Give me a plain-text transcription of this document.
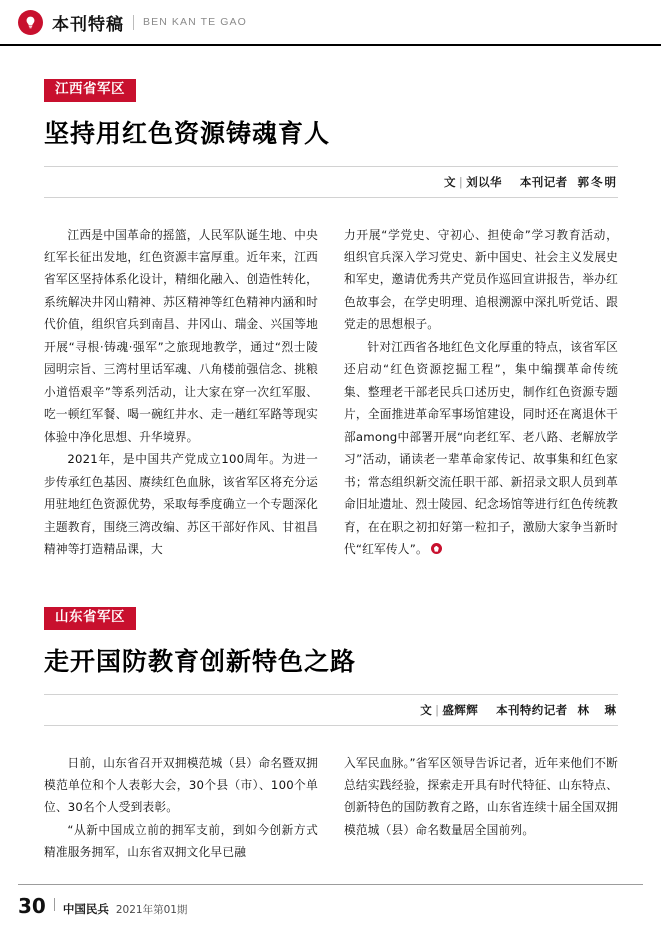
本刊特稿 BEN KAN TE GAO
江西省军区
坚持用红色资源铸魂育人
文 | 刘以华 本刊记者 郭冬明

江西是中国革命的摇篮，人民军队诞生地、中央红军长征出发地，红色资源丰富厚重。近年来，江西省军区坚持体系化设计，精细化融入、创造性转化，系统解决井冈山精神、苏区精神等红色精神内涵和时代价值，组织官兵到南昌、井冈山、瑞金、兴国等地开展“寻根·铸魂·强军”之旅现地教学，通过“烈士陵园明宗旨、三湾村里话军魂、八角楼前强信念、挑粮小道悟艰辛”等系列活动，让大家在穿一次红军服、吃一顿红军餐、喝一碗红井水、走一趟红军路等现实体验中净化思想、升华境界。

2021年，是中国共产党成立100周年。为进一步传承红色基因、赓续红色血脉，该省军区将充分运用驻地红色资源优势，采取每季度确立一个专题深化主题教育，围绕三湾改编、苏区干部好作风、甘祖昌精神等打造精品课，大

力开展“学党史、守初心、担使命”学习教育活动，组织官兵深入学习党史、新中国史、社会主义发展史和军史，邀请优秀共产党员作巡回宣讲报告，举办红色故事会，在学史明理、追根溯源中深扎听党话、跟党走的思想根子。

针对江西省各地红色文化厚重的特点，该省军区还启动“红色资源挖掘工程”，集中编撰革命传统集、整理老干部老民兵口述历史，制作红色资源专题片，全面推进革命军事场馆建设，同时还在离退休干部among中部署开展“向老红军、老八路、老解放学习”活动，诵读老一辈革命家传记、故事集和红色家书；常态组织新交流任职干部、新招录文职人员到革命旧址遗址、烈士陵园、纪念场馆等进行红色传统教育，在在职之初扣好第一粒扣子，激励大家争当新时代“红军传人”。

山东省军区
走开国防教育创新特色之路
文 | 盛辉辉 本刊特约记者 林　琳

日前，山东省召开双拥模范城（县）命名暨双拥模范单位和个人表彰大会，30个县（市）、100个单位、30名个人受到表彰。

“从新中国成立前的拥军支前，到如今创新方式精准服务拥军，山东省双拥文化早已融

入军民血脉。”省军区领导告诉记者，近年来他们不断总结实践经验，探索走开具有时代特征、山东特点、创新特色的国防教育之路，山东省连续十届全国双拥模范城（县）命名数量居全国前列。

30 中国民兵 2021年第01期
